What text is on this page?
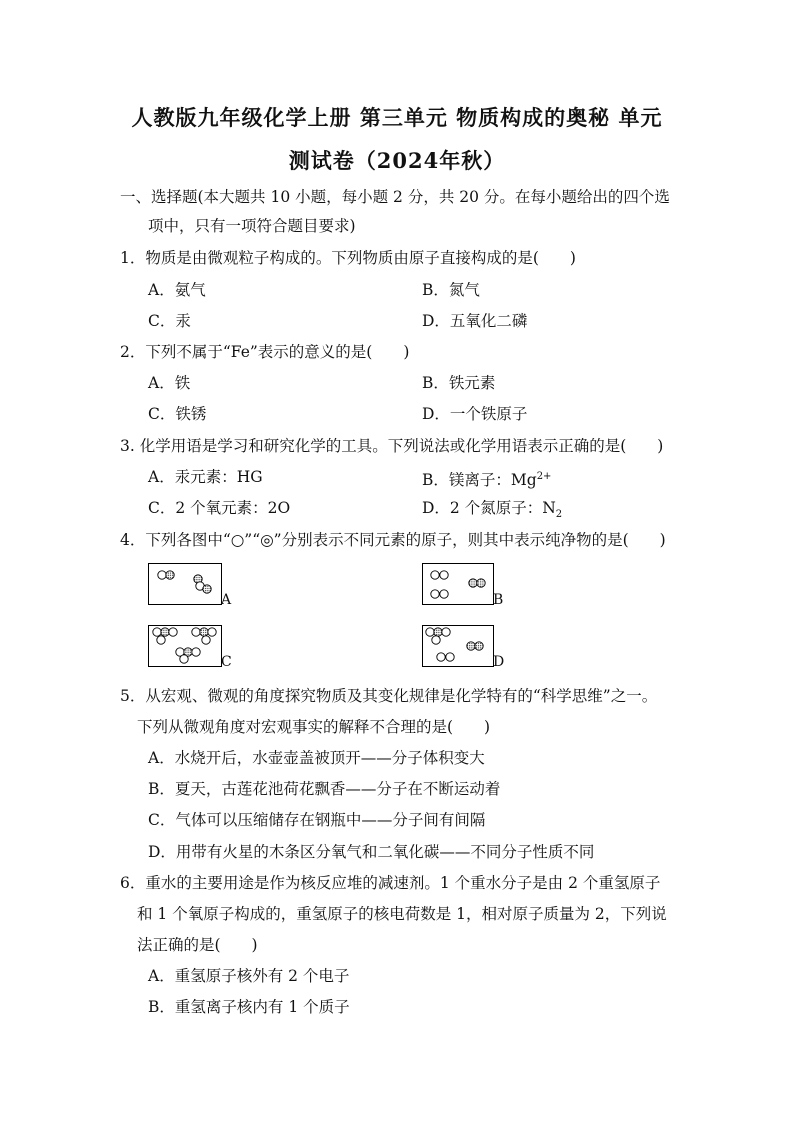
人教版九年级化学上册 第三单元 物质构成的奥秘 单元
测试卷（2024年秋）
一、选择题(本大题共 10 小题，每小题 2 分，共 20 分。在每小题给出的四个选
项中，只有一项符合题目要求)
1．物质是由微观粒子构成的。下列物质由原子直接构成的是(　　)
A．氨气	B．氮气
C．汞	D．五氧化二磷
2．下列不属于“Fe”表示的意义的是(　　)
A．铁	B．铁元素
C．铁锈	D．一个铁原子
3. 化学用语是学习和研究化学的工具。下列说法或化学用语表示正确的是(　　)
A．汞元素：HG	B．镁离子：$Mg^{2+}$
C．2 个氧元素：2O	D．2 个氮原子：$N_2$
4．下列各图中“○”“◎”分别表示不同元素的原子，则其中表示纯净物的是(　　)
A	B
C	D
5．从宏观、微观的角度探究物质及其变化规律是化学特有的“科学思维”之一。
下列从微观角度对宏观事实的解释不合理的是(　　)
A．水烧开后，水壶壶盖被顶开——分子体积变大
B．夏天，古莲花池荷花飘香——分子在不断运动着
C．气体可以压缩储存在钢瓶中——分子间有间隔
D．用带有火星的木条区分氧气和二氧化碳——不同分子性质不同
6．重水的主要用途是作为核反应堆的减速剂。1 个重水分子是由 2 个重氢原子
和 1 个氧原子构成的，重氢原子的核电荷数是 1，相对原子质量为 2，下列说
法正确的是(　　)
A．重氢原子核外有 2 个电子
B．重氢离子核内有 1 个质子
